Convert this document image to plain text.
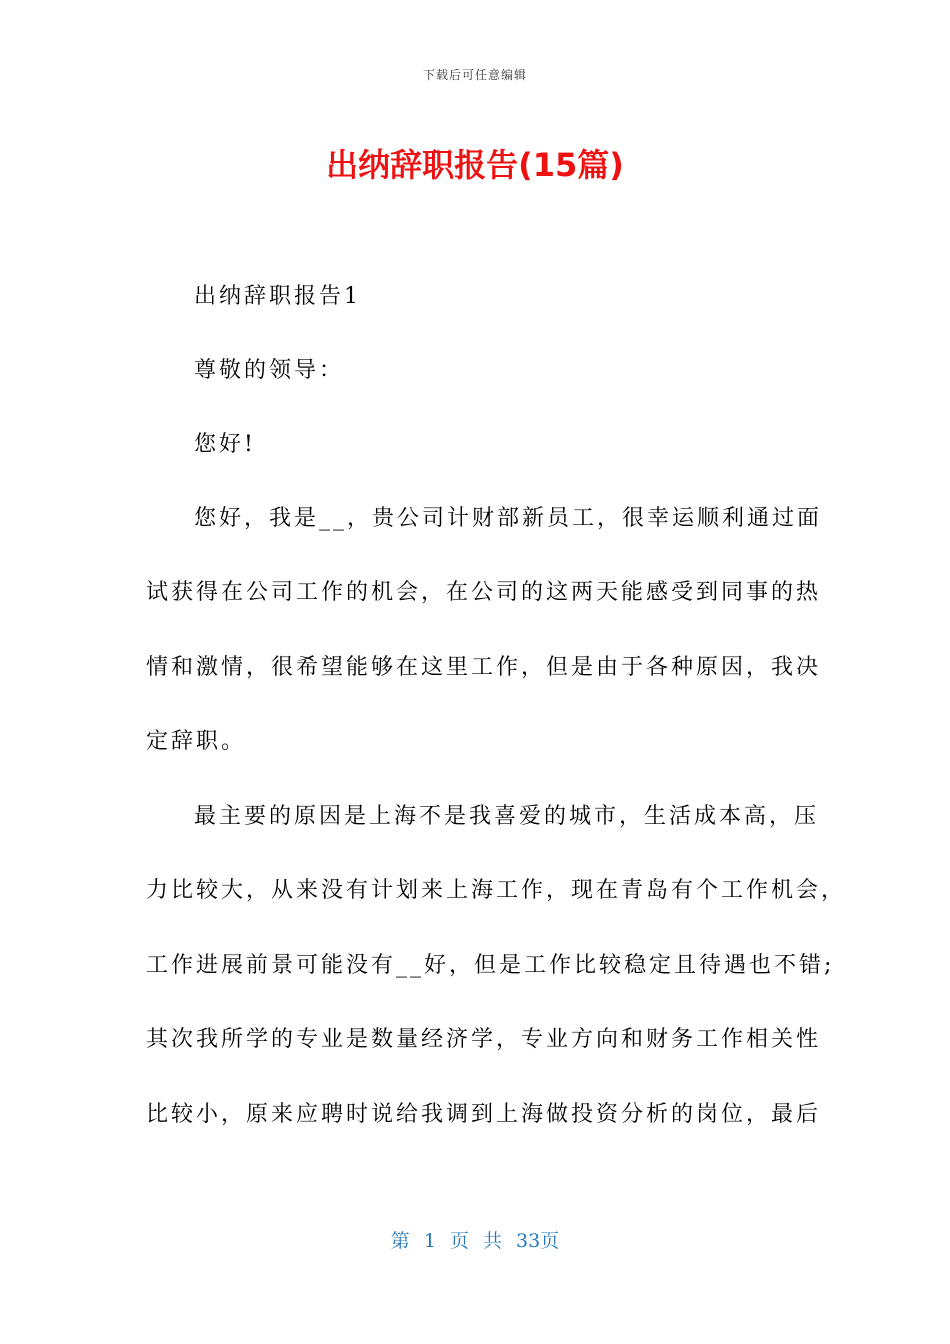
下载后可任意编辑
出纳辞职报告(15篇)
出纳辞职报告1
尊敬的领导：
您好!
您好，我是__，贵公司计财部新员工，很幸运顺利通过面
试获得在公司工作的机会，在公司的这两天能感受到同事的热
情和激情，很希望能够在这里工作，但是由于各种原因，我决
定辞职。
最主要的原因是上海不是我喜爱的城市，生活成本高，压
力比较大，从来没有计划来上海工作，现在青岛有个工作机会，
工作进展前景可能没有__好，但是工作比较稳定且待遇也不错;
其次我所学的专业是数量经济学，专业方向和财务工作相关性
比较小，原来应聘时说给我调到上海做投资分析的岗位，最后
第 1 页 共 33页
